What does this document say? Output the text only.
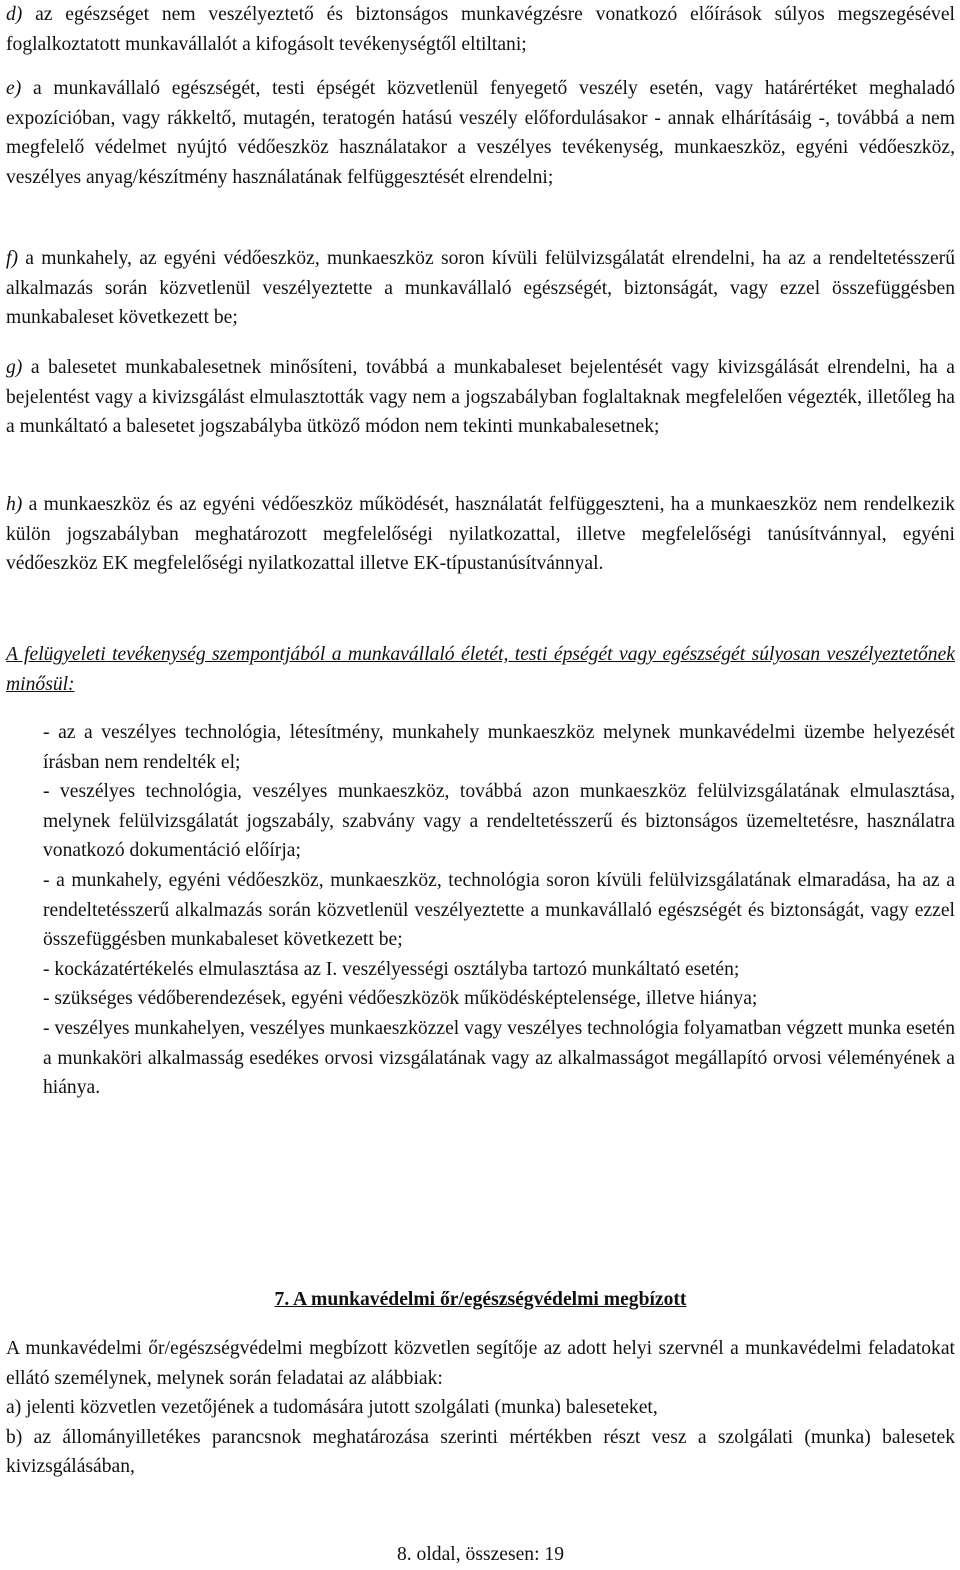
d) az egészséget nem veszélyeztető és biztonságos munkavégzésre vonatkozó előírások súlyos megszegésével foglalkoztatott munkavállalót a kifogásolt tevékenységtől eltiltani;

e) a munkavállaló egészségét, testi épségét közvetlenül fenyegető veszély esetén, vagy határértéket meghaladó expozícióban, vagy rákkeltő, mutagén, teratogén hatású veszély előfordulásakor - annak elhárításáig -, továbbá a nem megfelelő védelmet nyújtó védőeszköz használatakor a veszélyes tevékenység, munkaeszköz, egyéni védőeszköz, veszélyes anyag/készítmény használatának felfüggesztését elrendelni;

f) a munkahely, az egyéni védőeszköz, munkaeszköz soron kívüli felülvizsgálatát elrendelni, ha az a rendeltetésszerű alkalmazás során közvetlenül veszélyeztette a munkavállaló egészségét, biztonságát, vagy ezzel összefüggésben munkabaleset következett be;

g) a balesetet munkabalesetnek minősíteni, továbbá a munkabaleset bejelentését vagy kivizsgálását elrendelni, ha a bejelentést vagy a kivizsgálást elmulasztották vagy nem a jogszabályban foglaltaknak megfelelően végezték, illetőleg ha a munkáltató a balesetet jogszabályba ütköző módon nem tekinti munkabalesetnek;

h) a munkaeszköz és az egyéni védőeszköz működését, használatát felfüggeszteni, ha a munkaeszköz nem rendelkezik külön jogszabályban meghatározott megfelelőségi nyilatkozattal, illetve megfelelőségi tanúsítvánnyal, egyéni védőeszköz EK megfelelőségi nyilatkozattal illetve EK-típustanúsítvánnyal.

A felügyeleti tevékenység szempontjából a munkavállaló életét, testi épségét vagy egészségét súlyosan veszélyeztetőnek minősül:

- az a veszélyes technológia, létesítmény, munkahely munkaeszköz melynek munkavédelmi üzembe helyezését írásban nem rendelték el;
- veszélyes technológia, veszélyes munkaeszköz, továbbá azon munkaeszköz felülvizsgálatának elmulasztása, melynek felülvizsgálatát jogszabály, szabvány vagy a rendeltetésszerű és biztonságos üzemeltetésre, használatra vonatkozó dokumentáció előírja;
- a munkahely, egyéni védőeszköz, munkaeszköz, technológia soron kívüli felülvizsgálatának elmaradása, ha az a rendeltetésszerű alkalmazás során közvetlenül veszélyeztette a munkavállaló egészségét és biztonságát, vagy ezzel összefüggésben munkabaleset következett be;
- kockázatértékelés elmulasztása az I. veszélyességi osztályba tartozó munkáltató esetén;
- szükséges védőberendezések, egyéni védőeszközök működésképtelensége, illetve hiánya;
- veszélyes munkahelyen, veszélyes munkaeszközzel vagy veszélyes technológia folyamatban végzett munka esetén a munkaköri alkalmasság esedékes orvosi vizsgálatának vagy az alkalmasságot megállapító orvosi véleményének a hiánya.
7. A munkavédelmi őr/egészségvédelmi megbízott

A munkavédelmi őr/egészségvédelmi megbízott közvetlen segítője az adott helyi szervnél a munkavédelmi feladatokat ellátó személynek, melynek során feladatai az alábbiak:

a) jelenti közvetlen vezetőjének a tudomására jutott szolgálati (munka) baleseteket,
b) az állományilletékes parancsnok meghatározása szerinti mértékben részt vesz a szolgálati (munka) balesetek kivizsgálásában,
8. oldal, összesen: 19
